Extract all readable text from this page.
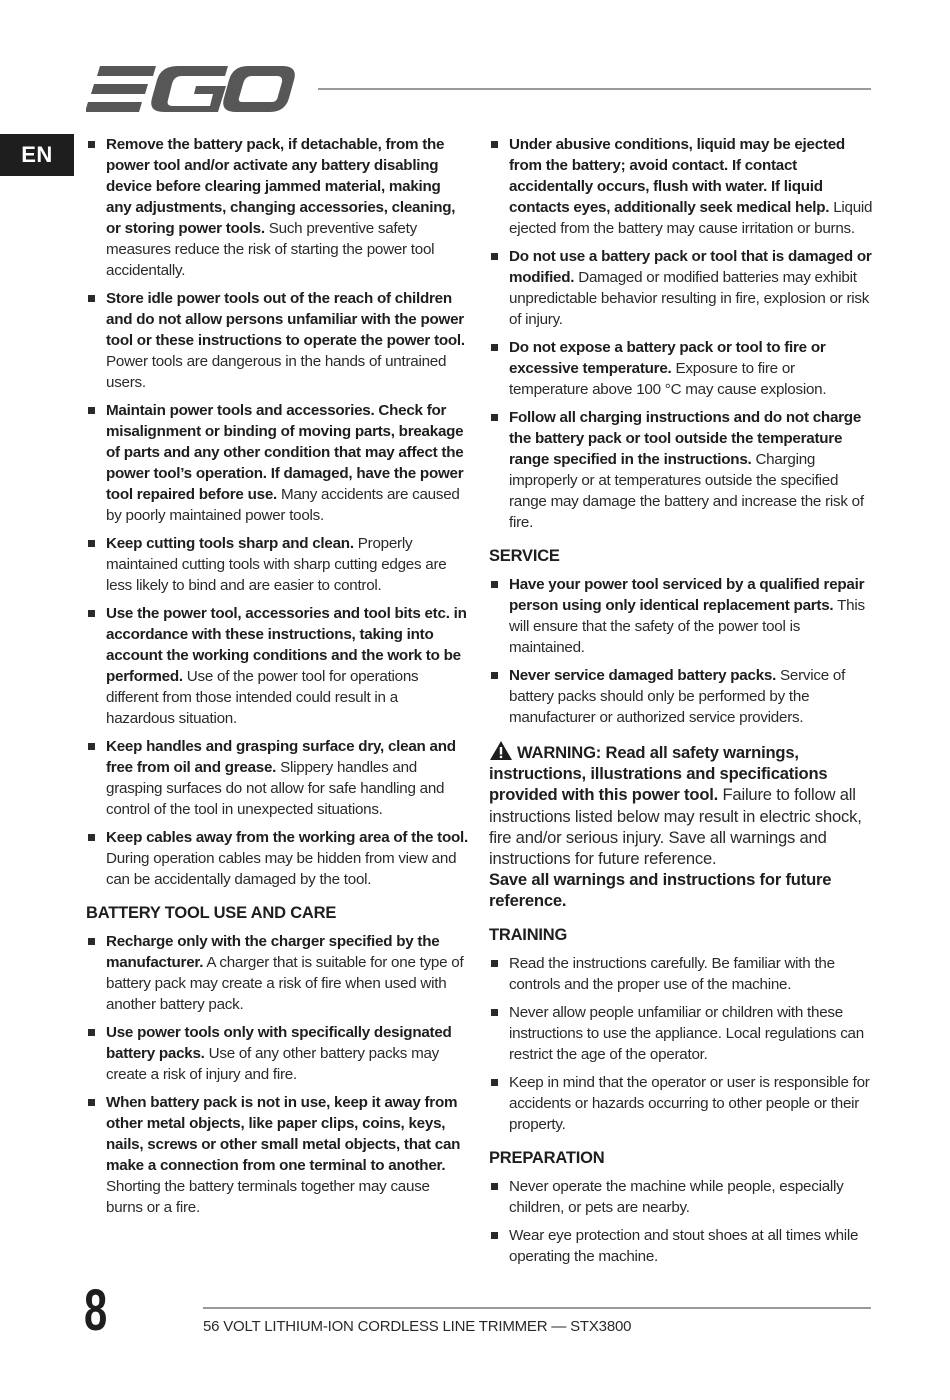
EN	Remove the battery pack, if detachable, from the power tool and/or activate any battery disabling device before clearing jammed material, making any adjustments, changing accessories, cleaning, or storing power tools. Such preventive safety measures reduce the risk of starting the power tool accidentally.
Store idle power tools out of the reach of children and do not allow persons unfamiliar with the power tool or these instructions to operate the power tool. Power tools are dangerous in the hands of untrained users.
Maintain power tools and accessories. Check for misalignment or binding of moving parts, breakage of parts and any other condition that may affect the power tool’s operation. If damaged, have the power tool repaired before use. Many accidents are caused by poorly maintained power tools.
Keep cutting tools sharp and clean. Properly maintained cutting tools with sharp cutting edges are less likely to bind and are easier to control.
Use the power tool, accessories and tool bits etc. in accordance with these instructions, taking into account the working conditions and the work to be performed. Use of the power tool for operations different from those intended could result in a hazardous situation.
Keep handles and grasping surface dry, clean and free from oil and grease. Slippery handles and grasping surfaces do not allow for safe handling and control of the tool in unexpected situations.
Keep cables away from the working area of the tool. During operation cables may be hidden from view and can be accidentally damaged by the tool.
BATTERY TOOL USE AND CARE
Recharge only with the charger specified by the manufacturer. A charger that is suitable for one type of battery pack may create a risk of fire when used with another battery pack.
Use power tools only with specifically designated battery packs. Use of any other battery packs may create a risk of injury and fire.
When battery pack is not in use, keep it away from other metal objects, like paper clips, coins, keys, nails, screws or other small metal objects, that can make a connection from one terminal to another. Shorting the battery terminals together may cause burns or a fire.
Under abusive conditions, liquid may be ejected from the battery; avoid contact. If contact accidentally occurs, flush with water. If liquid contacts eyes, additionally seek medical help. Liquid ejected from the battery may cause irritation or burns.
Do not use a battery pack or tool that is damaged or modified. Damaged or modified batteries may exhibit unpredictable behavior resulting in fire, explosion or risk of injury.
Do not expose a battery pack or tool to fire or excessive temperature. Exposure to fire or temperature above 100 °C may cause explosion.
Follow all charging instructions and do not charge the battery pack or tool outside the temperature range specified in the instructions. Charging improperly or at temperatures outside the specified range may damage the battery and increase the risk of fire.
SERVICE
Have your power tool serviced by a qualified repair person using only identical replacement parts. This will ensure that the safety of the power tool is maintained.
Never service damaged battery packs. Service of battery packs should only be performed by the manufacturer or authorized service providers.
WARNING: Read all safety warnings, instructions, illustrations and specifications provided with this power tool. Failure to follow all instructions listed below may result in electric shock, fire and/or serious injury. Save all warnings and instructions for future reference.
Save all warnings and instructions for future reference.
TRAINING
Read the instructions carefully. Be familiar with the controls and the proper use of the machine.
Never allow people unfamiliar or children with these instructions to use the appliance. Local regulations can restrict the age of the operator.
Keep in mind that the operator or user is responsible for accidents or hazards occurring to other people or their property.
PREPARATION
Never operate the machine while people, especially children, or pets are nearby.
Wear eye protection and stout shoes at all times while operating the machine.
8	56 VOLT LITHIUM-ION CORDLESS LINE TRIMMER — STX3800
